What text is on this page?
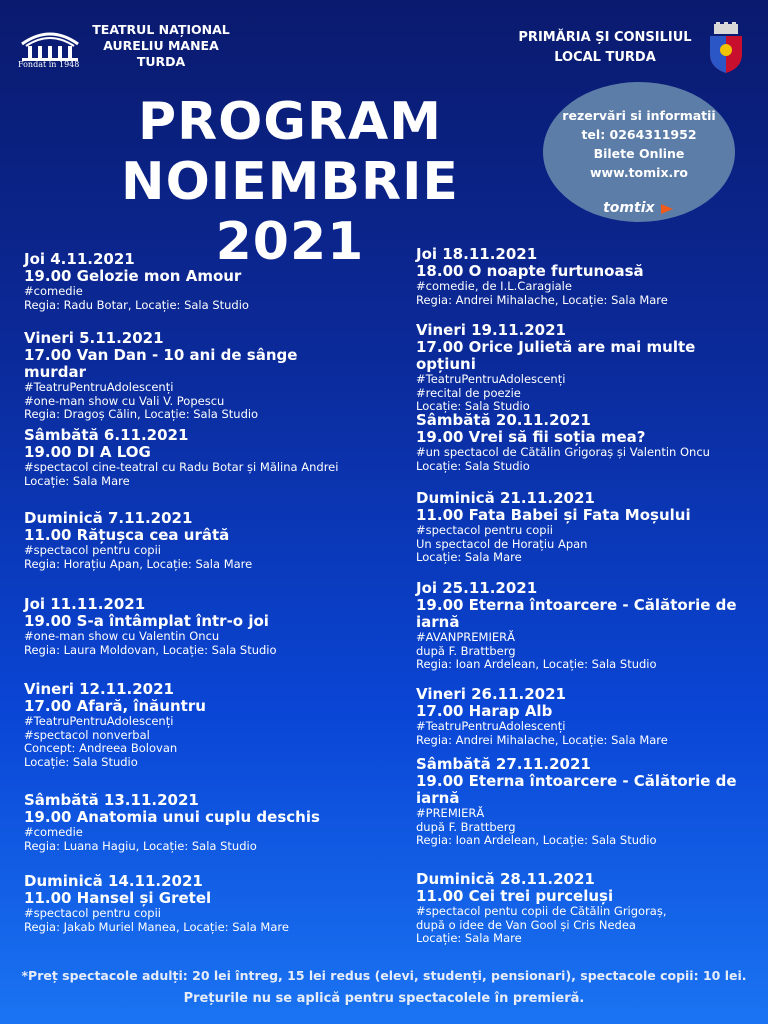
Fondat in 1948
TEATRUL NAȚIONAL AURELIU MANEA TURDA
PRIMĂRIA ȘI CONSILIUL LOCAL TURDA
PROGRAM
NOIEMBRIE 2021
rezervări si informatii
tel: 0264311952
Bilete Online
www.tomix.ro
tomtix
Joi 4.11.2021
19.00 Gelozie mon Amour
#comedie
Regia: Radu Botar, Locație: Sala Studio
Vineri 5.11.2021
17.00 Van Dan - 10 ani de sânge murdar
#TeatruPentruAdolescenți
#one-man show cu Vali V. Popescu
Regia: Dragoș Călin, Locație: Sala Studio
Sâmbătă 6.11.2021
19.00 DI A LOG
#spectacol cine-teatral cu Radu Botar și Mălina Andrei
Locație: Sala Mare
Duminică 7.11.2021
11.00 Rățușca cea urâtă
#spectacol pentru copii
Regia: Horațiu Apan, Locație: Sala Mare
Joi 11.11.2021
19.00 S-a întâmplat într-o joi
#one-man show cu Valentin Oncu
Regia: Laura Moldovan, Locație: Sala Studio
Vineri 12.11.2021
17.00 Afară, înăuntru
#TeatruPentruAdolescenți
#spectacol nonverbal
Concept: Andreea Bolovan
Locație: Sala Studio
Sâmbătă 13.11.2021
19.00 Anatomia unui cuplu deschis
#comedie
Regia: Luana Hagiu, Locație: Sala Studio
Duminică 14.11.2021
11.00 Hansel și Gretel
#spectacol pentru copii
Regia: Jakab Muriel Manea, Locație: Sala Mare
Joi 18.11.2021
18.00 O noapte furtunoasă
#comedie, de I.L.Caragiale
Regia: Andrei Mihalache, Locație: Sala Mare
Vineri 19.11.2021
17.00 Orice Julietă are mai multe opțiuni
#TeatruPentruAdolescenți
#recital de poezie
Locație: Sala Studio
Sâmbătă 20.11.2021
19.00 Vrei să fii soția mea?
#un spectacol de Cătălin Grigoraș și Valentin Oncu
Locație: Sala Studio
Duminică 21.11.2021
11.00 Fata Babei și Fata Moșului
#spectacol pentru copii
Un spectacol de Horațiu Apan
Locație: Sala Mare
Joi 25.11.2021
19.00 Eterna întoarcere - Călătorie de iarnă
#AVANPREMIERĂ
după F. Brattberg
Regia: Ioan Ardelean, Locație: Sala Studio
Vineri 26.11.2021
17.00 Harap Alb
#TeatruPentruAdolescenți
Regia: Andrei Mihalache, Locație: Sala Mare
Sâmbătă 27.11.2021
19.00 Eterna întoarcere - Călătorie de iarnă
#PREMIERĂ
după F. Brattberg
Regia: Ioan Ardelean, Locație: Sala Studio
Duminică 28.11.2021
11.00 Cei trei purceluși
#spectacol pentu copii de Cătălin Grigoraș,
după o idee de Van Gool și Cris Nedea
Locație: Sala Mare
*Preț spectacole adulți: 20 lei întreg, 15 lei redus (elevi, studenți, pensionari), spectacole copii: 10 lei.
Prețurile nu se aplică pentru spectacolele în premieră.
